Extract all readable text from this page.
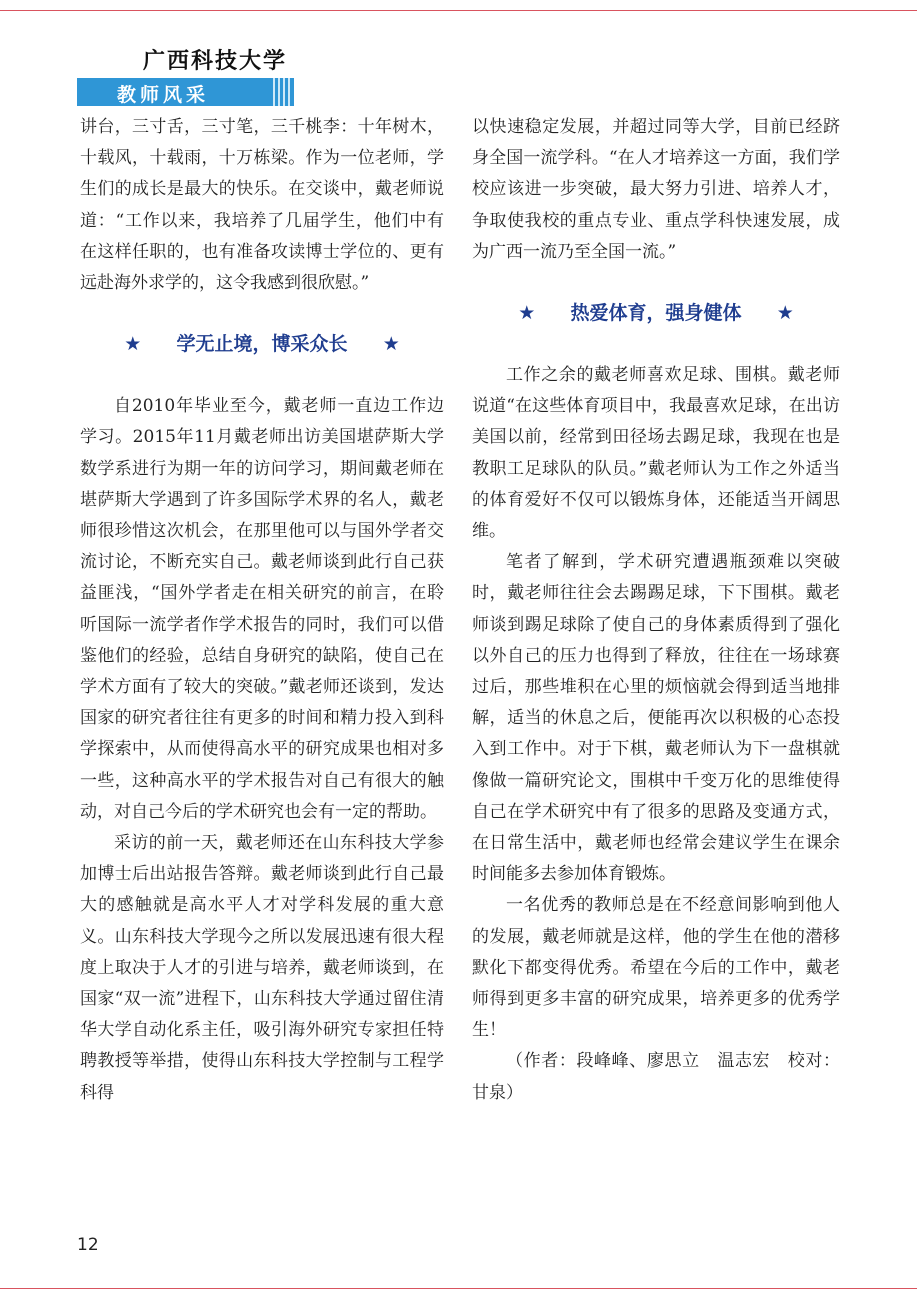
广西科技大学
教师风采

讲台，三寸舌，三寸笔，三千桃李：十年树木，十载风，十载雨，十万栋梁。作为一位老师，学生们的成长是最大的快乐。在交谈中，戴老师说道：“工作以来，我培养了几届学生，他们中有在这样任职的，也有准备攻读博士学位的、更有远赴海外求学的，这令我感到很欣慰。”

★ 学无止境，博采众长 ★

自2010年毕业至今，戴老师一直边工作边学习。2015年11月戴老师出访美国堪萨斯大学数学系进行为期一年的访问学习，期间戴老师在堪萨斯大学遇到了许多国际学术界的名人，戴老师很珍惜这次机会，在那里他可以与国外学者交流讨论，不断充实自己。戴老师谈到此行自己获益匪浅，“国外学者走在相关研究的前言，在聆听国际一流学者作学术报告的同时，我们可以借鉴他们的经验，总结自身研究的缺陷，使自己在学术方面有了较大的突破。”戴老师还谈到，发达国家的研究者往往有更多的时间和精力投入到科学探索中，从而使得高水平的研究成果也相对多一些，这种高水平的学术报告对自己有很大的触动，对自己今后的学术研究也会有一定的帮助。

采访的前一天，戴老师还在山东科技大学参加博士后出站报告答辩。戴老师谈到此行自己最大的感触就是高水平人才对学科发展的重大意义。山东科技大学现今之所以发展迅速有很大程度上取决于人才的引进与培养，戴老师谈到，在国家“双一流”进程下，山东科技大学通过留住清华大学自动化系主任，吸引海外研究专家担任特聘教授等举措，使得山东科技大学控制与工程学科得

以快速稳定发展，并超过同等大学，目前已经跻身全国一流学科。“在人才培养这一方面，我们学校应该进一步突破，最大努力引进、培养人才，争取使我校的重点专业、重点学科快速发展，成为广西一流乃至全国一流。”

★ 热爱体育，强身健体 ★

工作之余的戴老师喜欢足球、围棋。戴老师说道“在这些体育项目中，我最喜欢足球，在出访美国以前，经常到田径场去踢足球，我现在也是教职工足球队的队员。”戴老师认为工作之外适当的体育爱好不仅可以锻炼身体，还能适当开阔思维。

笔者了解到，学术研究遭遇瓶颈难以突破时，戴老师往往会去踢踢足球，下下围棋。戴老师谈到踢足球除了使自己的身体素质得到了强化以外自己的压力也得到了释放，往往在一场球赛过后，那些堆积在心里的烦恼就会得到适当地排解，适当的休息之后，便能再次以积极的心态投入到工作中。对于下棋，戴老师认为下一盘棋就像做一篇研究论文，围棋中千变万化的思维使得自己在学术研究中有了很多的思路及变通方式，在日常生活中，戴老师也经常会建议学生在课余时间能多去参加体育锻炼。

一名优秀的教师总是在不经意间影响到他人的发展，戴老师就是这样，他的学生在他的潜移默化下都变得优秀。希望在今后的工作中，戴老师得到更多丰富的研究成果，培养更多的优秀学生！

（作者：段峰峰、廖思立　温志宏　校对：甘泉）

12
